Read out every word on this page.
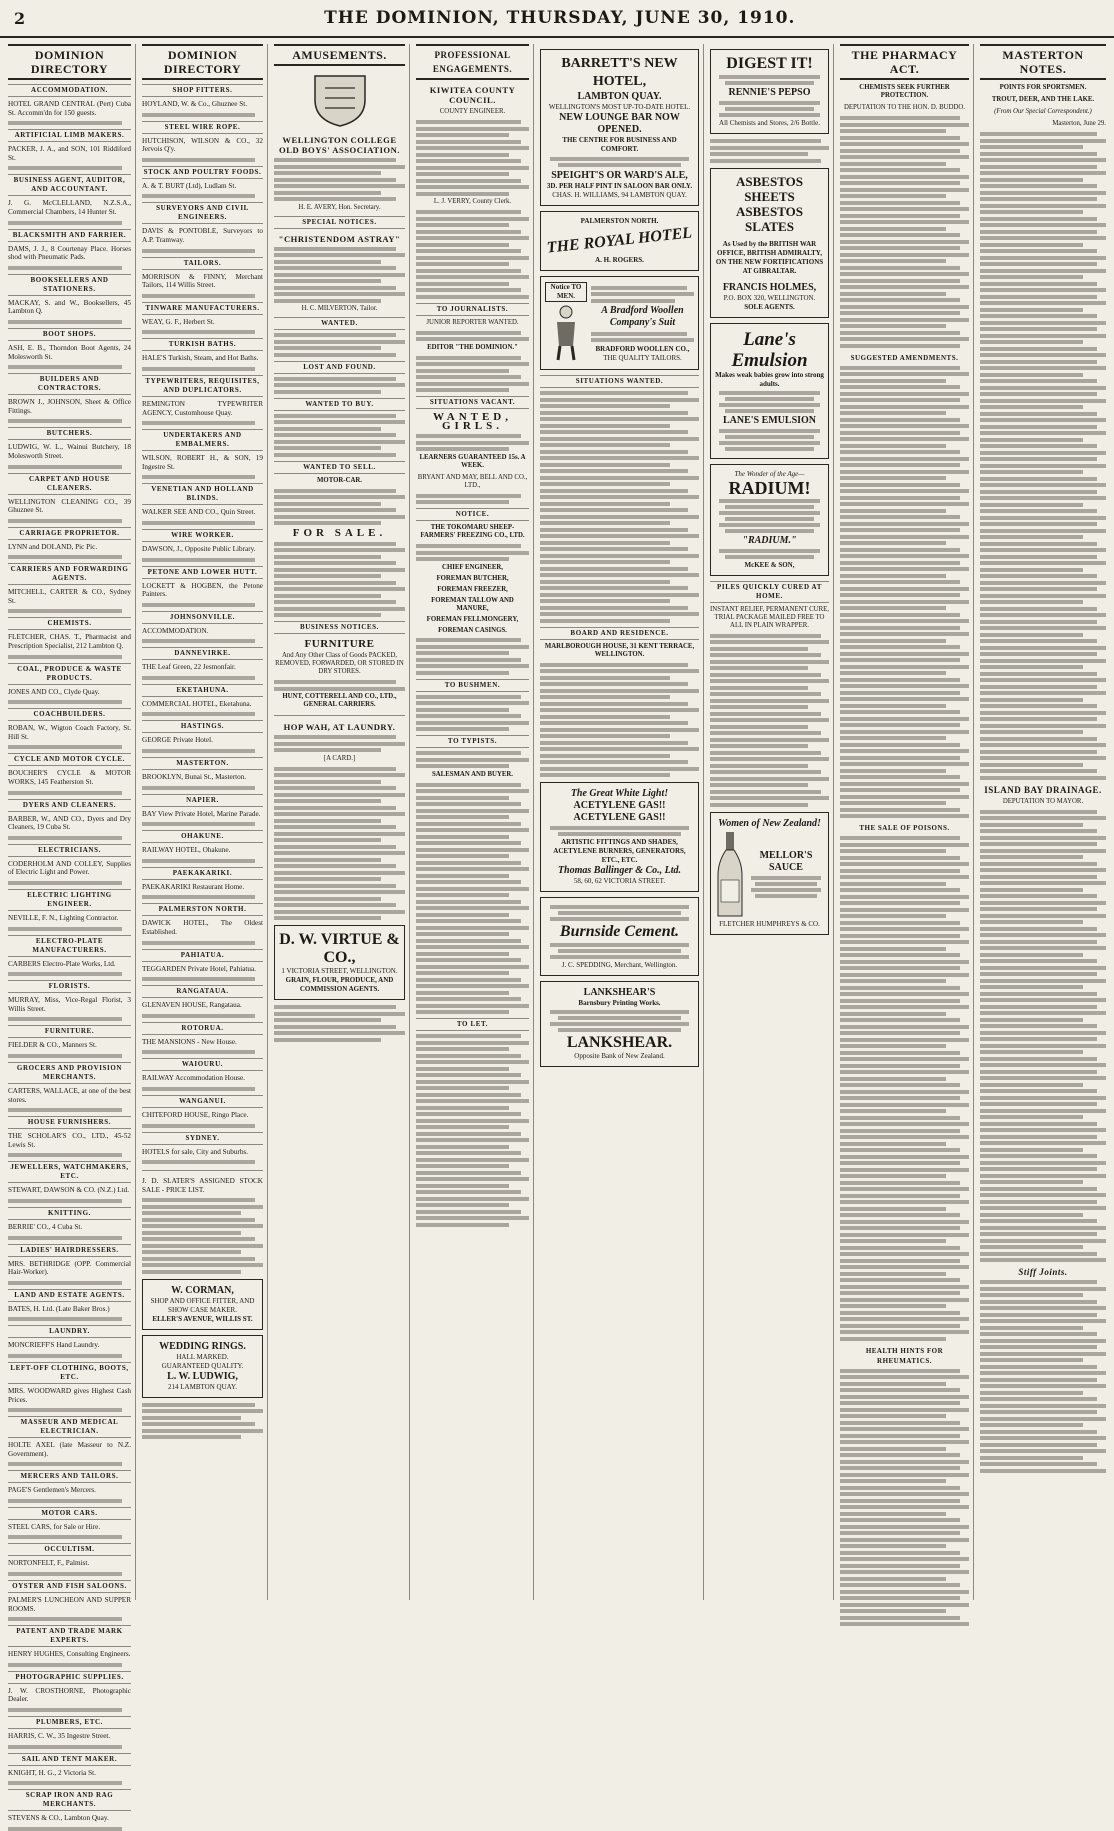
2	THE DOMINION, THURSDAY, JUNE 30, 1910.
DOMINION DIRECTORY
ACCOMMODATION.
HOTEL GRAND CENTRAL (Pert) Cuba St. Accomm'dn for 150 guests.
ARTIFICIAL LIMB MAKERS.
PACKER, J. A., and SON, 101 Riddiford St.
BUSINESS AGENT, AUDITOR, AND ACCOUNTANT.
J. G. McCLELLAND, N.Z.S.A., Commercial Chambers, 14 Hunter St.
BLACKSMITH AND FARRIER.
DAMS, J. J., 8 Courtenay Place. Horses shod with Pneumatic Pads.
BOOKSELLERS AND STATIONERS.
MACKAY, S. and W., Booksellers, 45 Lambton Q.
BOOT SHOPS.
ASH, E. B., Thorndon Boot Agents, 24 Molesworth St.
BUILDERS AND CONTRACTORS.
BROWN J., JOHNSON, Sheet & Office Fittings.
BUTCHERS.
LUDWIG, W. L., Wainui Butchery, 18 Molesworth Street.
CARPET AND HOUSE CLEANERS.
WELLINGTON CLEANING CO., 39 Ghuznee St.
CARRIAGE PROPRIETOR.
LYNN and DOLAND, Pic Pic.
CARRIERS AND FORWARDING AGENTS.
MITCHELL, CARTER & CO., Sydney St.
CHEMISTS.
FLETCHER, CHAS. T., Pharmacist and Prescription Specialist, 212 Lambton Q.
COAL, PRODUCE & WASTE PRODUCTS.
JONES AND CO., Clyde Quay.
COACHBUILDERS.
ROBAN, W., Wigton Coach Factory, St. Hill St.
CYCLE AND MOTOR CYCLE.
BOUCHER'S CYCLE & MOTOR WORKS, 145 Featherston St.
DYERS AND CLEANERS.
BARBER, W., AND CO., Dyers and Dry Cleaners, 19 Cuba St.
ELECTRICIANS.
CODERHOLM AND COLLEY, Supplies of Electric Light and Power.
ELECTRIC LIGHTING ENGINEER.
NEVILLE, F. N., Lighting Contractor.
ELECTRO-PLATE MANUFACTURERS.
CARBERS Electro-Plate Works, Ltd.
FLORISTS.
MURRAY, Miss, Vice-Regal Florist, 3 Willis Street.
FURNITURE.
FIELDER & CO., Manners St.
GROCERS AND PROVISION MERCHANTS.
CARTERS, WALLACE, at one of the best stores.
HOUSE FURNISHERS.
THE SCHOLAR'S CO., LTD., 45-52 Lewis St.
JEWELLERS, WATCHMAKERS, ETC.
STEWART, DAWSON & CO. (N.Z.) Ltd.
KNITTING.
BERRIE' CO., 4 Cuba St.
LADIES' HAIRDRESSERS.
MRS. BETHRIDGE (OPP. Commercial Hair-Worker).
LAND AND ESTATE AGENTS.
BATES, H. Ltd. (Late Baker Bros.)
LAUNDRY.
MONCRIEFF'S Hand Laundry.
LEFT-OFF CLOTHING, BOOTS, ETC.
MRS. WOODWARD gives Highest Cash Prices.
MASSEUR AND MEDICAL ELECTRICIAN.
HOLTE AXEL (late Masseur to N.Z. Government).
MERCERS AND TAILORS.
PAGE'S Gentlemen's Mercers.
MOTOR CARS.
STEEL CARS, for Sale or Hire.
OCCULTISM.
NORTONFELT, F., Palmist.
OYSTER AND FISH SALOONS.
PALMER'S LUNCHEON AND SUPPER ROOMS.
PATENT AND TRADE MARK EXPERTS.
HENRY HUGHES, Consulting Engineers.
PHOTOGRAPHIC SUPPLIES.
J. W. CROSTHORNE, Photographic Dealer.
PLUMBERS, ETC.
HARRIS, C. W., 35 Ingestre Street.
SAIL AND TENT MAKER.
KNIGHT, H. G., 2 Victoria St.
SCRAP IRON AND RAG MERCHANTS.
STEVENS & CO., Lambton Quay.
DOMINION DIRECTORY
SHOP FITTERS.
HOYLAND, W. & Co., Ghuznee St.
STEEL WIRE ROPE.
HUTCHISON, WILSON & CO., 32 Jervois Q'y.
STOCK AND POULTRY FOODS.
A. & T. BURT (Ltd), Ludlam St.
SURVEYORS AND CIVIL ENGINEERS.
DAVIS & PONTOBLE, Surveyors to A.P. Tramway.
TAILORS.
MORRISON & FINNY, Merchant Tailors, 114 Willis Street.
TINWARE MANUFACTURERS.
WEAY, G. F., Herbert St.
TURKISH BATHS.
HALE'S Turkish, Steam, and Hot Baths.
TYPEWRITERS, REQUISITES, AND DUPLICATORS.
REMINGTON TYPEWRITER AGENCY, Customhouse Quay.
UNDERTAKERS AND EMBALMERS.
WILSON, ROBERT H., & SON, 19 Ingestre St.
VENETIAN AND HOLLAND BLINDS.
WALKER SEE AND CO., Quin Street.
WIRE WORKER.
DAWSON, J., Opposite Public Library.
PETONE AND LOWER HUTT.
LOCKETT & HOGBEN, the Petone Painters.
JOHNSONVILLE.
ACCOMMODATION.
DANNEVIRKE.
THE Leaf Green, 22 Jesmonfair.
EKETAHUNA.
COMMERCIAL HOTEL, Eketahuna.
HASTINGS.
GEORGE Private Hotel.
MASTERTON.
BROOKLYN, Bunai St., Masterton.
NAPIER.
BAY View Private Hotel, Marine Parade.
OHAKUNE.
RAILWAY HOTEL, Ohakune.
PAEKAKARIKI.
PAEKAKARIKI Restaurant Home.
PALMERSTON NORTH.
DAWICK HOTEL, The Oldest Established.
PAHIATUA.
TEGGARDEN Private Hotel, Pahiatua.
RANGATAUA.
GLENAVEN HOUSE, Rangataua.
ROTORUA.
THE MANSIONS - New House.
WAIOURU.
RAILWAY Accommodation House.
WANGANUI.
CHITEFORD HOUSE, Ringo Place.
SYDNEY.
HOTELS for sale, City and Suburbs.
J. D. SLATER'S ASSIGNED STOCK SALE - PRICE LIST.
W. CORMAN,
SHOP AND OFFICE FITTER, AND SHOW CASE MAKER.
ELLER'S AVENUE, WILLIS ST.
WEDDING RINGS.
HALL MARKED.
GUARANTEED QUALITY.
L. W. LUDWIG,
214 LAMBTON QUAY.
AMUSEMENTS.
WELLINGTON COLLEGE OLD BOYS' ASSOCIATION.
H. E. AVERY, Hon. Secretary.
SPECIAL NOTICES.
"CHRISTENDOM ASTRAY"
H. C. MILVERTON, Tailor.
WANTED.
LOST AND FOUND.
WANTED TO BUY.
WANTED TO SELL.
MOTOR-CAR.
FOR SALE.
BUSINESS NOTICES.
FURNITURE
And Any Other Class of Goods PACKED, REMOVED, FORWARDED, OR STORED IN DRY STORES.
HUNT, COTTERELL AND CO., LTD., GENERAL CARRIERS.
HOP WAH, AT LAUNDRY.
[A CARD.]
D. W. VIRTUE & CO.,
1 VICTORIA STREET, WELLINGTON.
GRAIN, FLOUR, PRODUCE, AND COMMISSION AGENTS.
PROFESSIONAL ENGAGEMENTS.
KIWITEA COUNTY COUNCIL.
COUNTY ENGINEER.
L. J. VERRY, County Clerk.
TO JOURNALISTS.
JUNIOR REPORTER WANTED.
EDITOR "THE DOMINION."
SITUATIONS VACANT.
WANTED, GIRLS.
LEARNERS GUARANTEED 15s. A WEEK.
BRYANT AND MAY, BELL AND CO., LTD.,
NOTICE.
THE TOKOMARU SHEEP-FARMERS' FREEZING CO., LTD.
CHIEF ENGINEER,
FOREMAN BUTCHER,
FOREMAN FREEZER,
FOREMAN TALLOW AND MANURE,
FOREMAN FELLMONGERY,
FOREMAN CASINGS.
TO BUSHMEN.
TO TYPISTS.
SALESMAN AND BUYER.
TO LET.
BARRETT'S NEW HOTEL,
LAMBTON QUAY.
WELLINGTON'S MOST UP-TO-DATE HOTEL.
NEW LOUNGE BAR NOW OPENED.
THE CENTRE FOR BUSINESS AND COMFORT.
SPEIGHT'S OR WARD'S ALE,
3D. PER HALF PINT IN SALOON BAR ONLY.
CHAS. H. WILLIAMS, 94 LAMBTON QUAY.
PALMERSTON NORTH.
THE ROYAL HOTEL
A. H. ROGERS.
Notice TO MEN.
A Bradford Woollen Company's Suit
BRADFORD WOOLLEN CO.,
THE QUALITY TAILORS.
SITUATIONS WANTED.
BOARD AND RESIDENCE.
MARLBOROUGH HOUSE, 31 KENT TERRACE, WELLINGTON.
The Great White Light!
ACETYLENE GAS!! ACETYLENE GAS!!
ARTISTIC FITTINGS AND SHADES, ACETYLENE BURNERS, GENERATORS, ETC., ETC.
Thomas Ballinger & Co., Ltd.
58, 60, 62 VICTORIA STREET.
Burnside Cement.
J. C. SPEDDING, Merchant, Wellington.
LANKSHEAR'S
Barnsbury Printing Works.
LANKSHEAR.
Opposite Bank of New Zealand.
DIGEST IT!
RENNIE'S PEPSO
All Chemists and Stores, 2/6 Bottle.
ASBESTOS SHEETS ASBESTOS SLATES
As Used by the BRITISH WAR OFFICE, BRITISH ADMIRALTY, ON THE NEW FORTIFICATIONS AT GIBRALTAR.
FRANCIS HOLMES,
P.O. BOX 320, WELLINGTON.
SOLE AGENTS.
Lane's Emulsion
Makes weak babies grow into strong adults.
LANE'S EMULSION
The Wonder of the Age—
RADIUM!
"RADIUM."
McKEE & SON,
PILES QUICKLY CURED AT HOME.
INSTANT RELIEF, PERMANENT CURE, TRIAL PACKAGE MAILED FREE TO ALL IN PLAIN WRAPPER.
Women of New Zealand!
MELLOR'S SAUCE
FLETCHER HUMPHREYS & CO.
THE PHARMACY ACT.
CHEMISTS SEEK FURTHER PROTECTION.
DEPUTATION TO THE HON. D. BUDDO.
SUGGESTED AMENDMENTS.
THE SALE OF POISONS.
HEALTH HINTS FOR RHEUMATICS.
MASTERTON NOTES.
POINTS FOR SPORTSMEN.
TROUT, DEER, AND THE LAKE.
(From Our Special Correspondent.)
Masterton, June 29.
ISLAND BAY DRAINAGE.
DEPUTATION TO MAYOR.
Stiff Joints.
